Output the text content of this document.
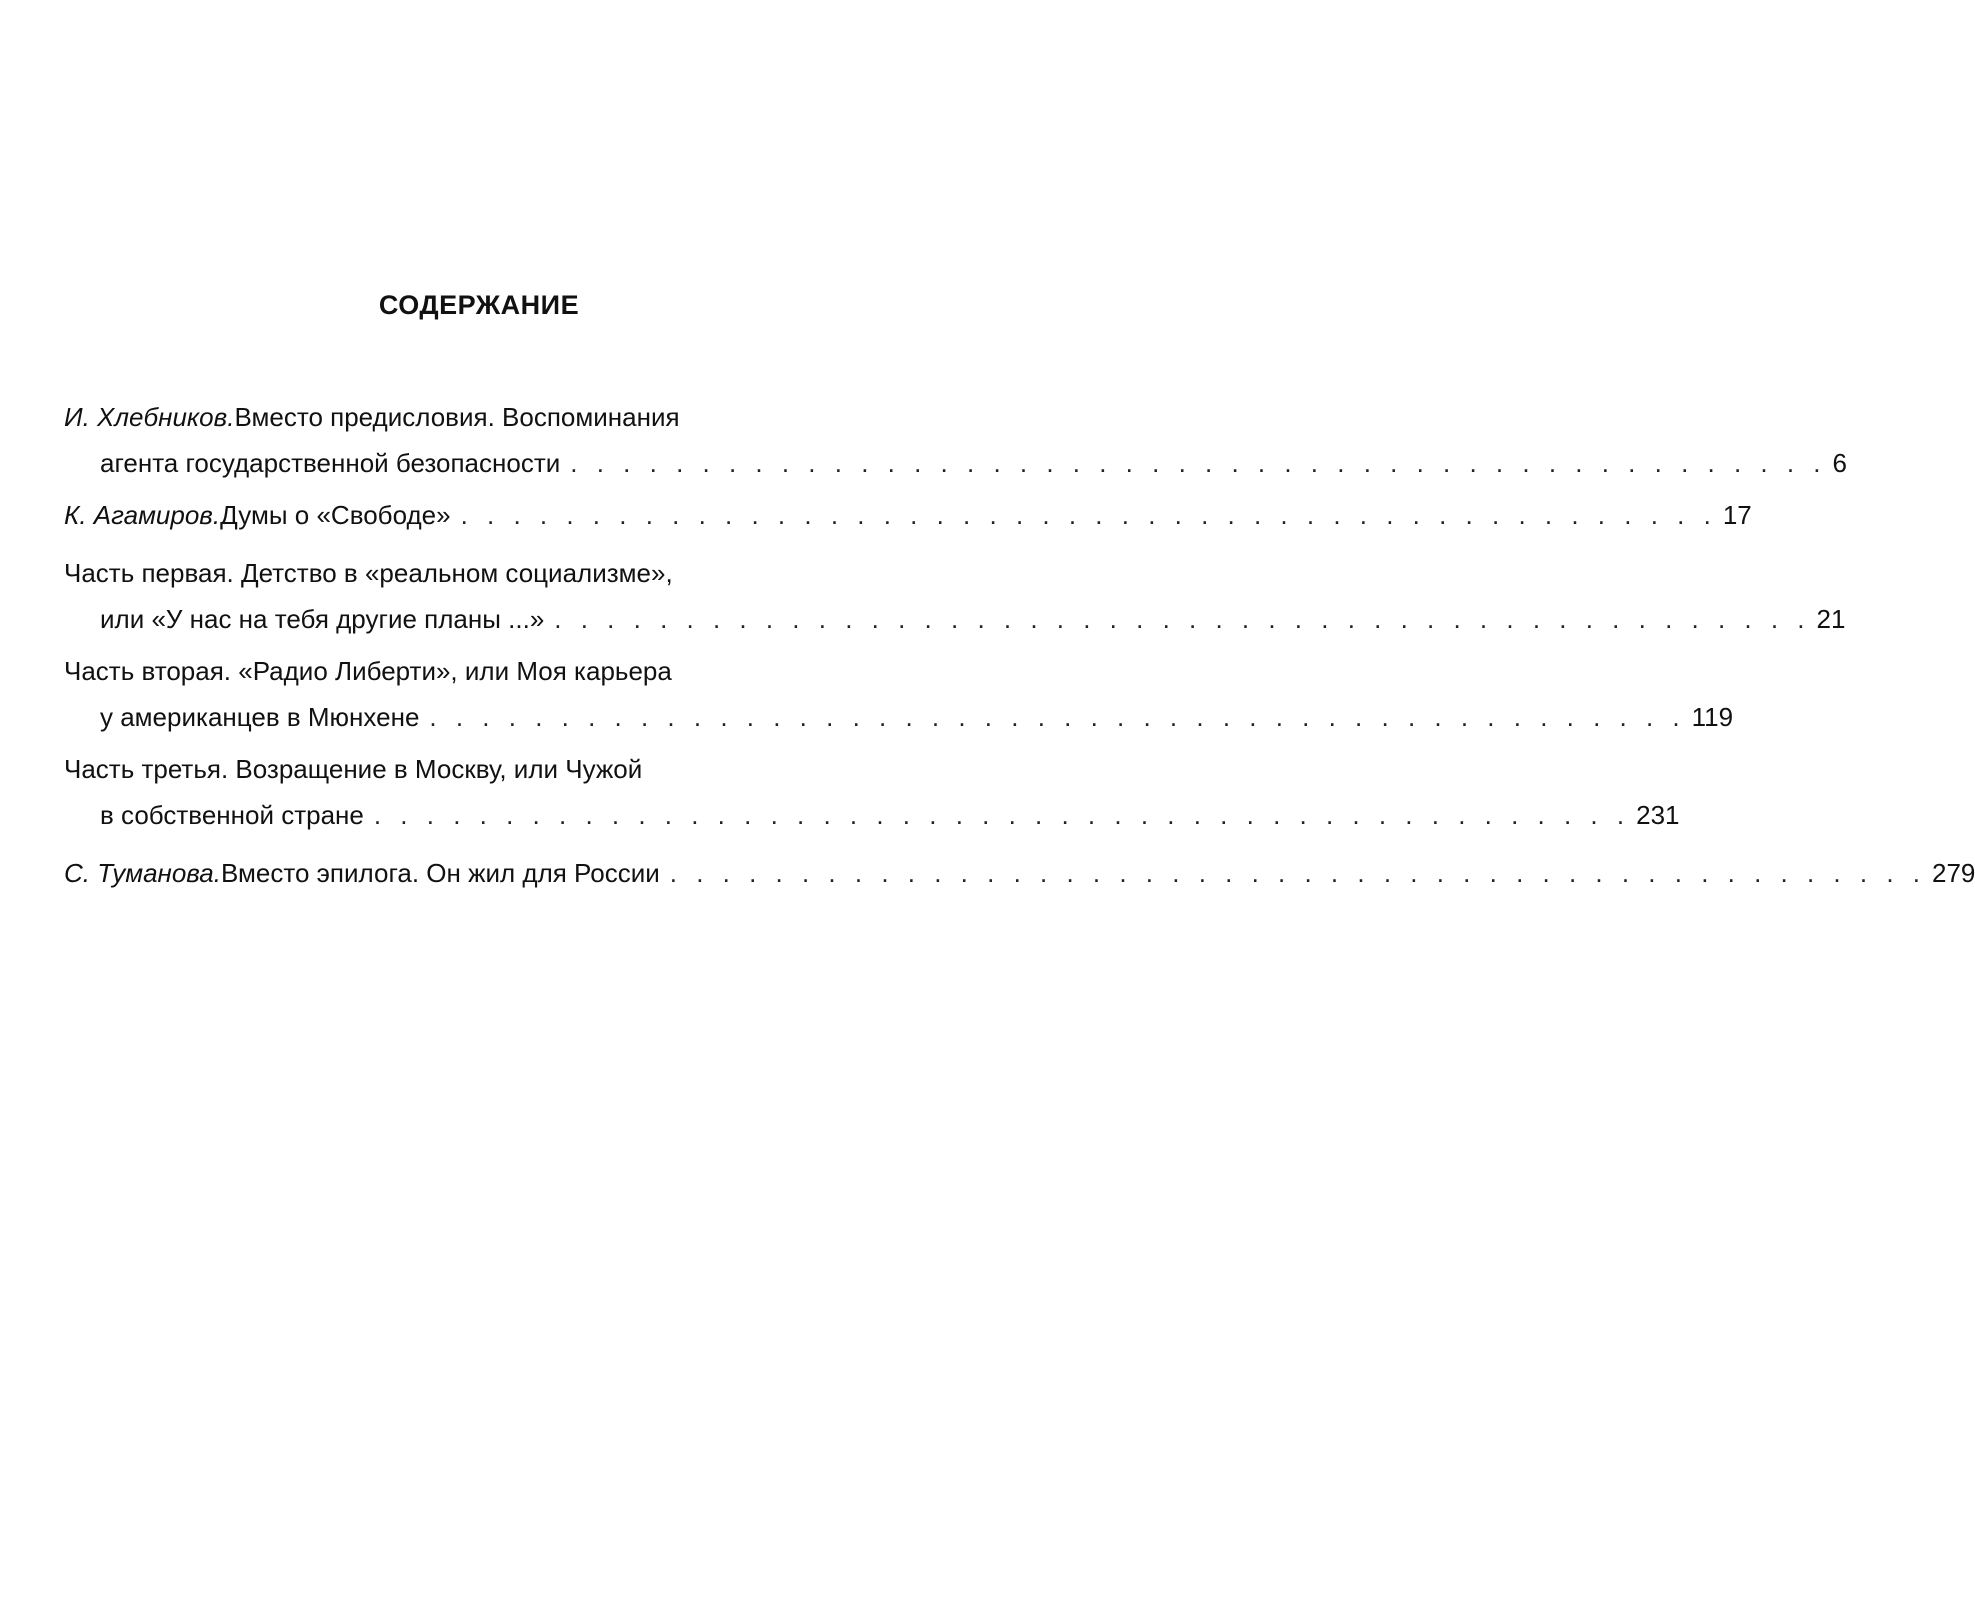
СОДЕРЖАНИЕ
И. Хлебников. Вместо предисловия. Воспоминания
агента государственной безопасности . . . . . . . . . . . . . . . . . . . . . . . . . . . . . . . . . . . . . . . . . . . . . . . . 6
К. Агамиров. Думы о «Свободе» . . . . . . . . . . . . . . . . . . . . . . . . . . . . . . . . . . . . . . . . . . . . . . . . 17
Часть первая. Детство в «реальном социализме»,
или «У нас на тебя другие планы ...» . . . . . . . . . . . . . . . . . . . . . . . . . . . . . . . . . . . . . . . . . . . . . . . . 21
Часть вторая. «Радио Либерти», или Моя карьера
у американцев в Мюнхене . . . . . . . . . . . . . . . . . . . . . . . . . . . . . . . . . . . . . . . . . . . . . . . . 119
Часть третья. Возращение в Москву, или Чужой
в собственной стране . . . . . . . . . . . . . . . . . . . . . . . . . . . . . . . . . . . . . . . . . . . . . . . . 231
С. Туманова. Вместо эпилога. Он жил для России . . . . . . . . . . . . . . . . . . . . . . . . . . . . . . . . . . . . . . . . . . . . . . . . 279
